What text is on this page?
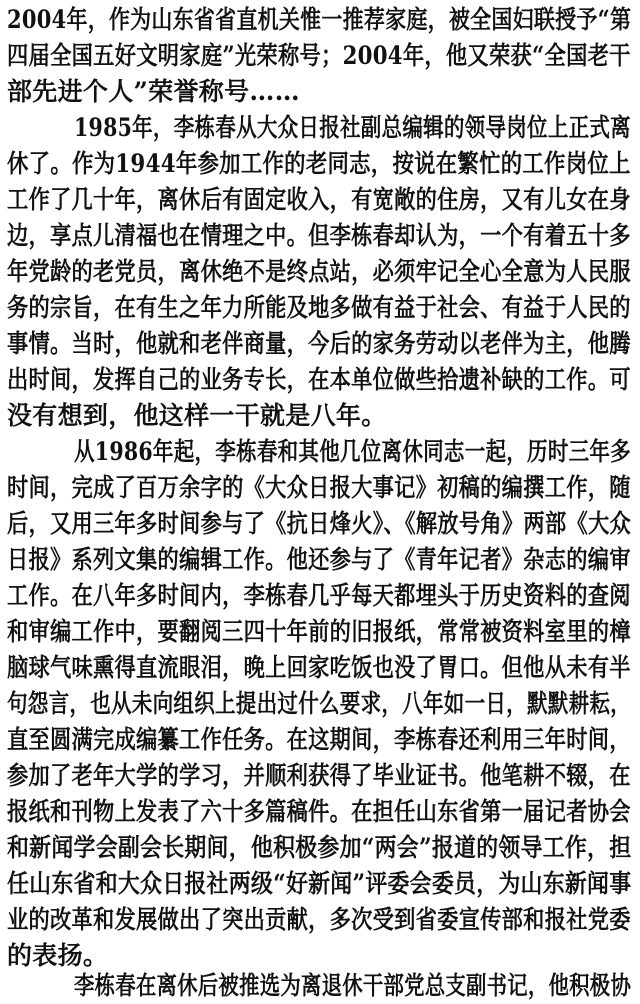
2004年，作为山东省省直机关惟一推荐家庭，被全国妇联授予“第
四届全国五好文明家庭”光荣称号；2004年，他又荣获“全国老干
部先进个人”荣誉称号……
1985年，李栋春从大众日报社副总编辑的领导岗位上正式离
休了。作为1944年参加工作的老同志，按说在繁忙的工作岗位上
工作了几十年，离休后有固定收入，有宽敞的住房，又有儿女在身
边，享点儿清福也在情理之中。但李栋春却认为，一个有着五十多
年党龄的老党员，离休绝不是终点站，必须牢记全心全意为人民服
务的宗旨，在有生之年力所能及地多做有益于社会、有益于人民的
事情。当时，他就和老伴商量，今后的家务劳动以老伴为主，他腾
出时间，发挥自己的业务专长，在本单位做些拾遗补缺的工作。可
没有想到，他这样一干就是八年。
从1986年起，李栋春和其他几位离休同志一起，历时三年多
时间，完成了百万余字的《大众日报大事记》初稿的编撰工作，随
后，又用三年多时间参与了《抗日烽火》、《解放号角》两部《大众
日报》系列文集的编辑工作。他还参与了《青年记者》杂志的编审
工作。在八年多时间内，李栋春几乎每天都埋头于历史资料的查阅
和审编工作中，要翻阅三四十年前的旧报纸，常常被资料室里的樟
脑球气味熏得直流眼泪，晚上回家吃饭也没了胃口。但他从未有半
句怨言，也从未向组织上提出过什么要求，八年如一日，默默耕耘，
直至圆满完成编纂工作任务。在这期间，李栋春还利用三年时间，
参加了老年大学的学习，并顺利获得了毕业证书。他笔耕不辍，在
报纸和刊物上发表了六十多篇稿件。在担任山东省第一届记者协会
和新闻学会副会长期间，他积极参加“两会”报道的领导工作，担
任山东省和大众日报社两级“好新闻”评委会委员，为山东新闻事
业的改革和发展做出了突出贡献，多次受到省委宣传部和报社党委
的表扬。
李栋春在离休后被推选为离退休干部党总支副书记，他积极协
